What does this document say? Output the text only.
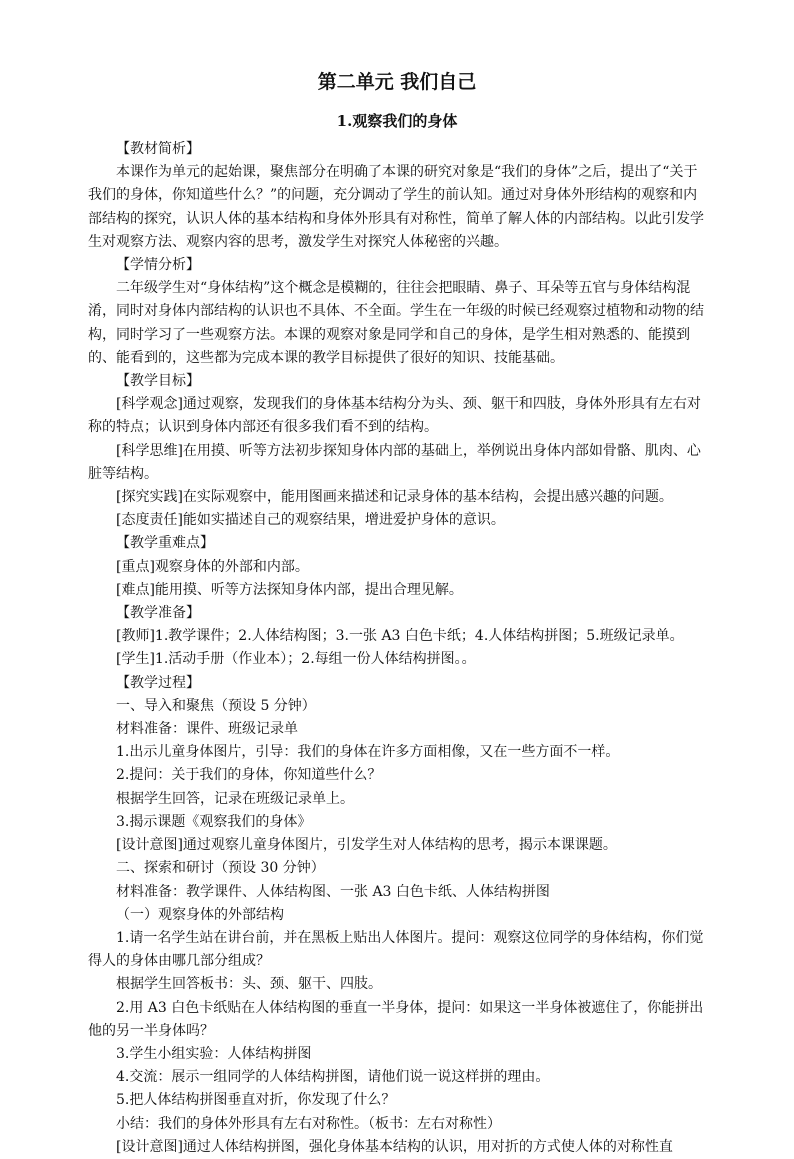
第二单元 我们自己
1.观察我们的身体

【教材简析】

本课作为单元的起始课，聚焦部分在明确了本课的研究对象是“我们的身体”之后，提出了“关于我们的身体，你知道些什么？”的问题，充分调动了学生的前认知。通过对身体外形结构的观察和内部结构的探究，认识人体的基本结构和身体外形具有对称性，简单了解人体的内部结构。以此引发学生对观察方法、观察内容的思考，激发学生对探究人体秘密的兴趣。

【学情分析】

二年级学生对“身体结构”这个概念是模糊的，往往会把眼睛、鼻子、耳朵等五官与身体结构混淆，同时对身体内部结构的认识也不具体、不全面。学生在一年级的时候已经观察过植物和动物的结构，同时学习了一些观察方法。本课的观察对象是同学和自己的身体，是学生相对熟悉的、能摸到的、能看到的，这些都为完成本课的教学目标提供了很好的知识、技能基础。

【教学目标】

[科学观念]通过观察，发现我们的身体基本结构分为头、颈、躯干和四肢，身体外形具有左右对称的特点；认识到身体内部还有很多我们看不到的结构。

[科学思维]在用摸、听等方法初步探知身体内部的基础上，举例说出身体内部如骨骼、肌肉、心脏等结构。

[探究实践]在实际观察中，能用图画来描述和记录身体的基本结构，会提出感兴趣的问题。

[态度责任]能如实描述自己的观察结果，增进爱护身体的意识。

【教学重难点】

[重点]观察身体的外部和内部。

[难点]能用摸、听等方法探知身体内部，提出合理见解。

【教学准备】

[教师]1.教学课件；2.人体结构图；3.一张 A3 白色卡纸；4.人体结构拼图；5.班级记录单。

[学生]1.活动手册（作业本）；2.每组一份人体结构拼图。。

【教学过程】

一、导入和聚焦（预设 5 分钟）

材料准备：课件、班级记录单

1.出示儿童身体图片，引导：我们的身体在许多方面相像，又在一些方面不一样。

2.提问：关于我们的身体，你知道些什么？

根据学生回答，记录在班级记录单上。

3.揭示课题《观察我们的身体》

[设计意图]通过观察儿童身体图片，引发学生对人体结构的思考，揭示本课课题。

二、探索和研讨（预设 30 分钟）

材料准备：教学课件、人体结构图、一张 A3 白色卡纸、人体结构拼图

（一）观察身体的外部结构

1.请一名学生站在讲台前，并在黑板上贴出人体图片。提问：观察这位同学的身体结构，你们觉得人的身体由哪几部分组成？

根据学生回答板书：头、颈、躯干、四肢。

2.用 A3 白色卡纸贴在人体结构图的垂直一半身体，提问：如果这一半身体被遮住了，你能拼出他的另一半身体吗？

3.学生小组实验：人体结构拼图

4.交流：展示一组同学的人体结构拼图，请他们说一说这样拼的理由。

5.把人体结构拼图垂直对折，你发现了什么？

小结：我们的身体外形具有左右对称性。（板书：左右对称性）

[设计意图]通过人体结构拼图，强化身体基本结构的认识，用对折的方式使人体的对称性直
